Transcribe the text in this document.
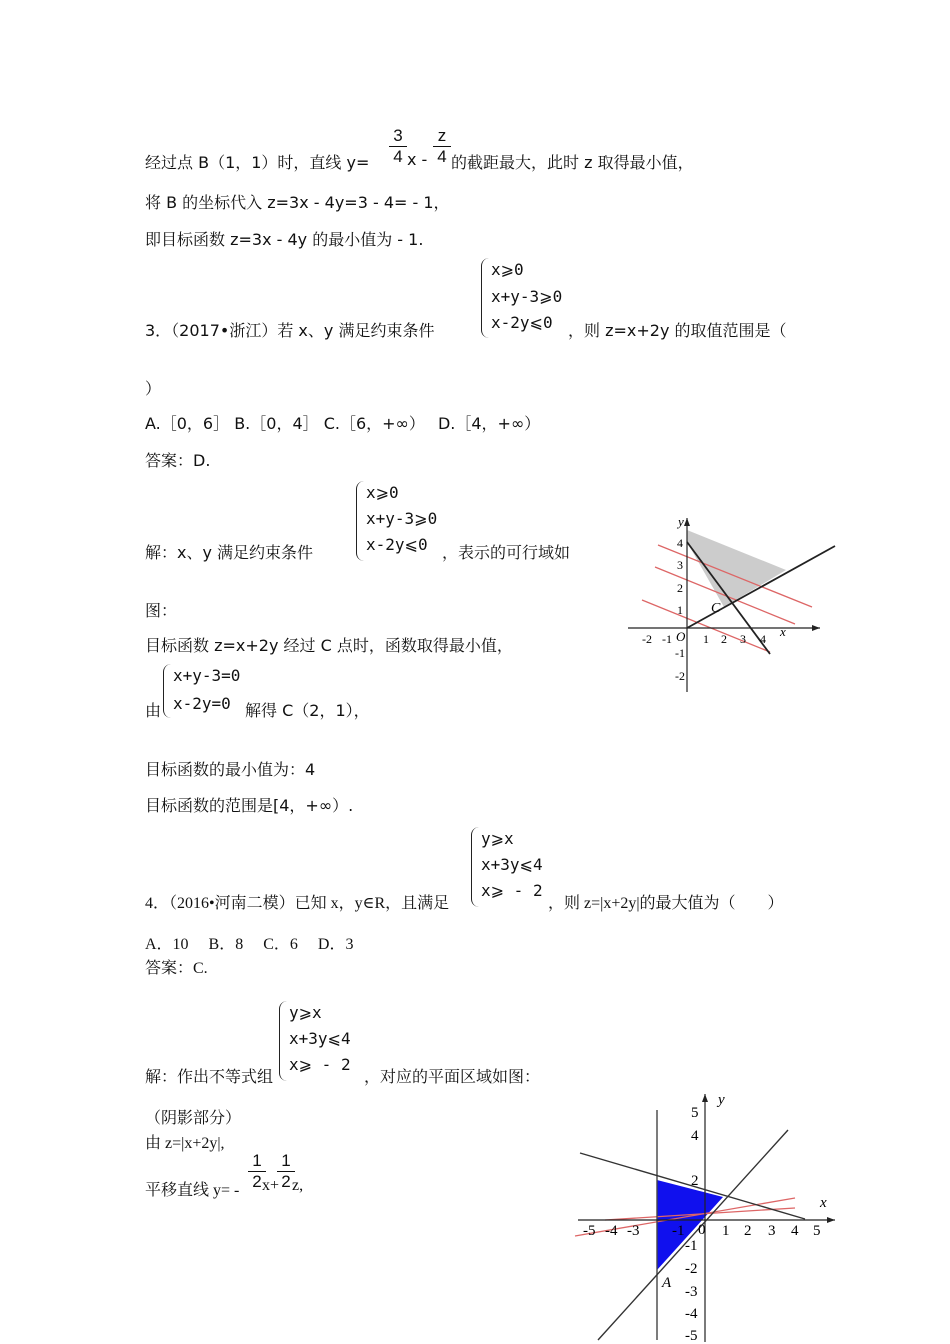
经过点 B（1，1）时，直线 y=
3
4 x -
z
4 的截距最大，此时 z 取得最小值，
将 B 的坐标代入 z=3x - 4y=3 - 4= - 1，
即目标函数 z=3x - 4y 的最小值为 - 1.
3．（2017•浙江）若 x、y 满足约束条件
x⩾0
x+y-3⩾0
x-2y⩽0 ，则 z=x+2y 的取值范围是（
）
A.［0，6］ B.［0，4］ C.［6，+∞）　 D.［4，+∞）
答案：D.
解：x、y 满足约束条件
x⩾0
x+y-3⩾0
x-2y⩽0 ，表示的可行域如
图：
目标函数 z=x+2y 经过 C 点时，函数取得最小值，
由
x+y-3=0
x-2y=0 解得 C（2，1），
目标函数的最小值为：4
目标函数的范围是[4，+∞）.
x
y
O
C
-2 -1	1 2 3 4
4
3
2
1
-1
-2
4．（2016•河南二模）已知 x，y∈R，且满足
y⩾x
x+3y⩽4
x⩾ - 2
，则 z=|x+2y|的最大值为（　　）
A．10　 B．8　 C．6　 D．3
答案：C.
解：作出不等式组
y⩾x
x+3y⩽4
x⩾ - 2
，对应的平面区域如图：
（阴影部分）
由 z=|x+2y|,
平移直线 y= -
1
2 x+
1
2 z,
x
y
A
0
-5 -4 -3 -1	1 2 3 4 5
5
4
2
-1
-2
-3
-4
-5
